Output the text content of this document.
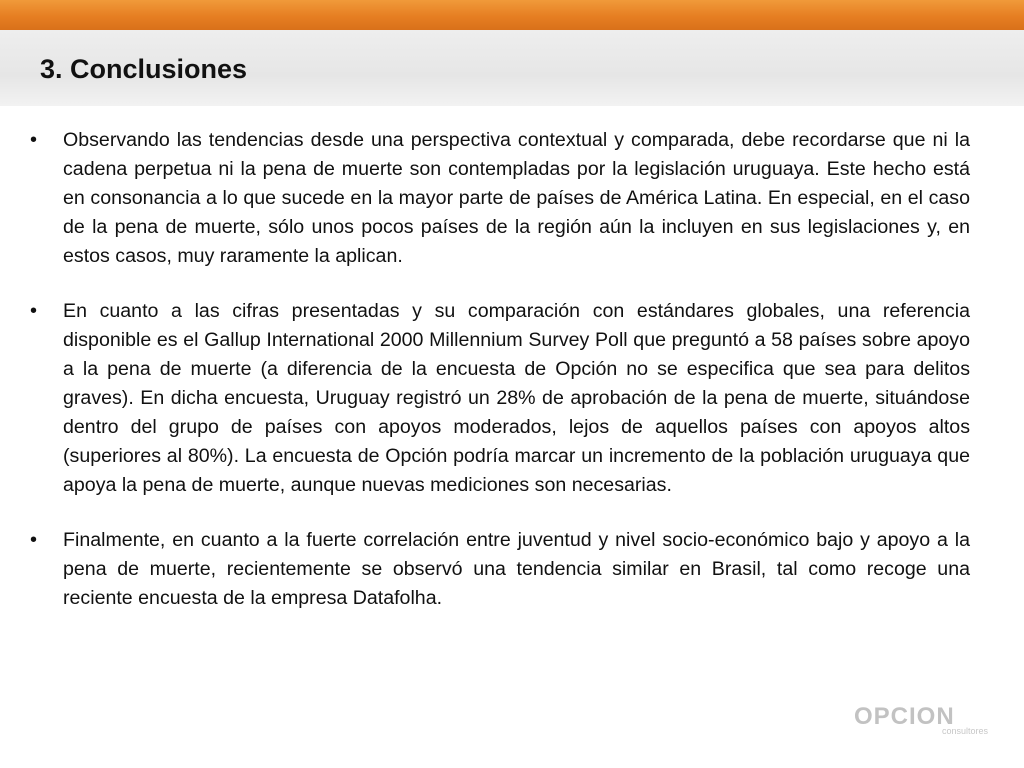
3. Conclusiones
• Observando las tendencias desde una perspectiva contextual y comparada, debe recordarse que ni la cadena perpetua ni la pena de muerte son contempladas por la legislación uruguaya. Este hecho está en consonancia a lo que sucede en la mayor parte de países de América Latina. En especial, en el caso de la pena de muerte, sólo unos pocos países de la región aún la incluyen en sus legislaciones y, en estos casos, muy raramente la aplican.
• En cuanto a las cifras presentadas y su comparación con estándares globales, una referencia disponible es el Gallup International 2000 Millennium Survey Poll que preguntó a 58 países sobre apoyo a la pena de muerte (a diferencia de la encuesta de Opción no se especifica que sea para delitos graves). En dicha encuesta, Uruguay registró un 28% de aprobación de la pena de muerte, situándose dentro del grupo de países con apoyos moderados, lejos de aquellos países con apoyos altos (superiores al 80%). La encuesta de Opción podría marcar un incremento de la población uruguaya que apoya la pena de muerte, aunque nuevas mediciones son necesarias.
• Finalmente, en cuanto a la fuerte correlación entre juventud y nivel socio-económico bajo y apoyo a la pena de muerte, recientemente se observó una tendencia similar en Brasil, tal como recoge una reciente encuesta de la empresa Datafolha.
OPCION
consultores
